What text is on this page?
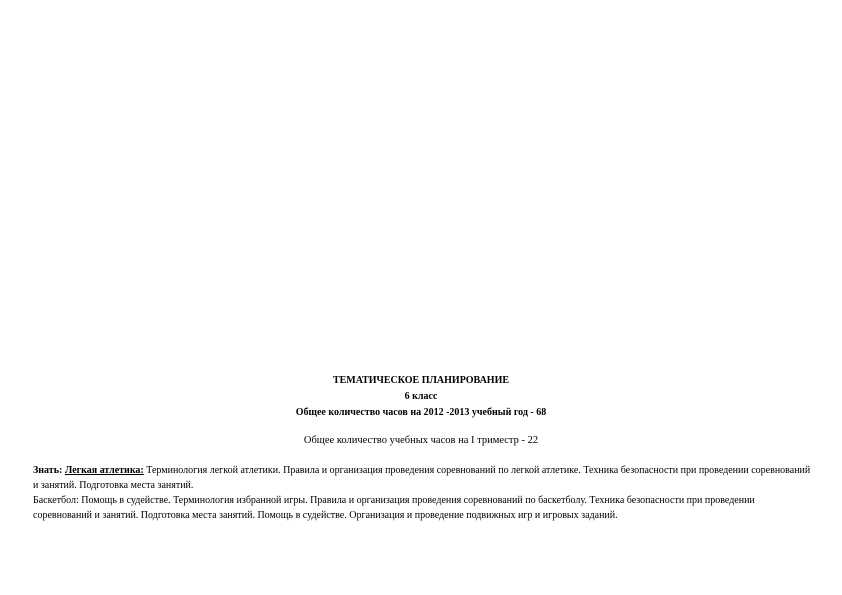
ТЕМАТИЧЕСКОЕ ПЛАНИРОВАНИЕ
6 класс
Общее количество часов на 2012 -2013 учебный год - 68
Общее количество учебных часов на I триместр - 22
Знать: Легкая атлетика: Терминология легкой атлетики. Правила и организация проведения соревнований по легкой атлетике. Техника безопасности при проведении соревнований и занятий. Подготовка места занятий.
Баскетбол: Помощь в судействе. Терминология избранной игры. Правила и организация проведения соревнований по баскетболу. Техника безопасности при проведении соревнований и занятий. Подготовка места занятий. Помощь в судействе. Организация и проведение подвижных игр и игровых заданий.
